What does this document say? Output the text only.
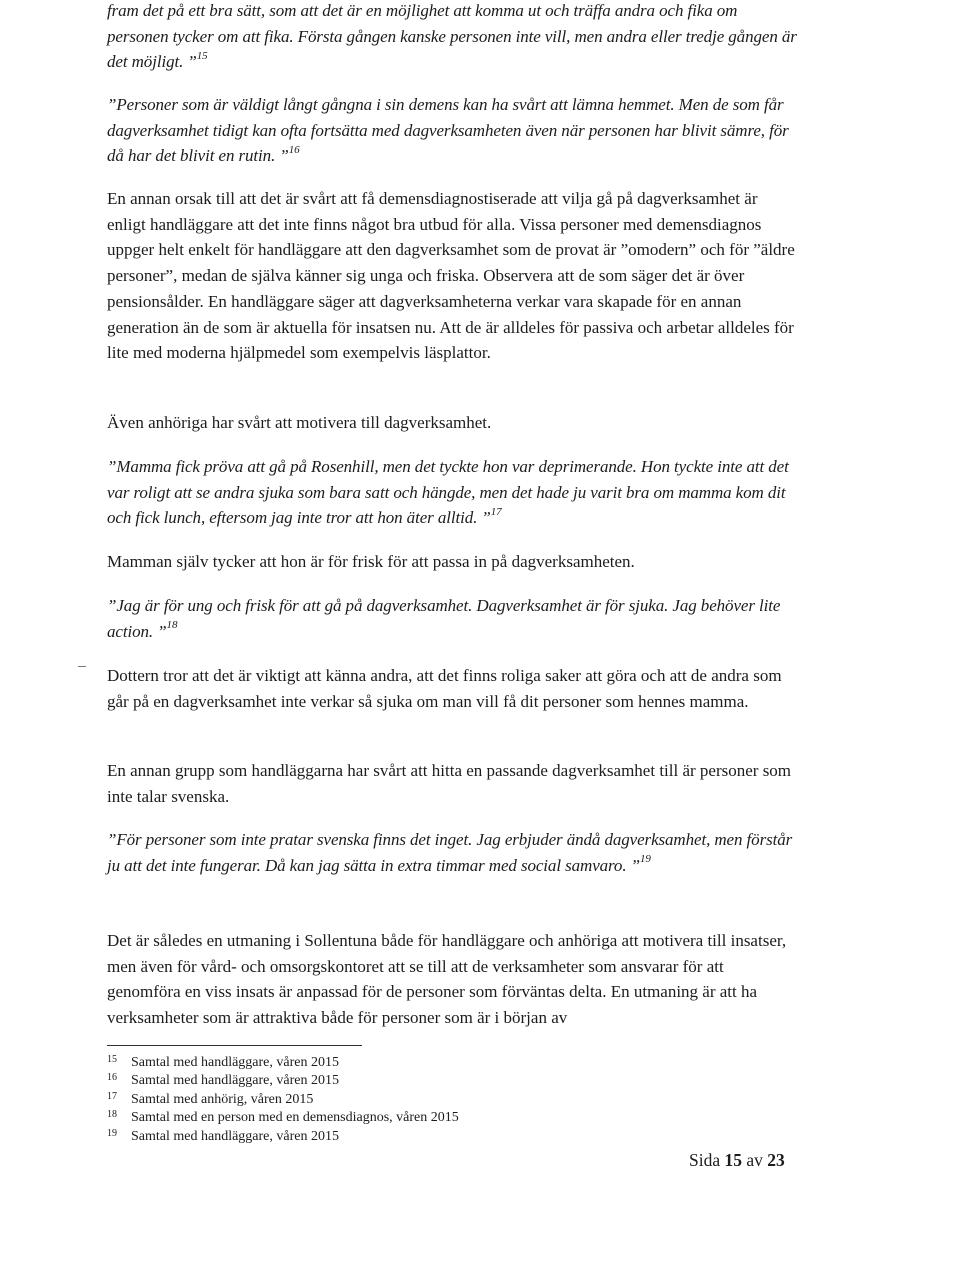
fram det på ett bra sätt, som att det är en möjlighet att komma ut och träffa andra och fika om personen tycker om att fika. Första gången kanske personen inte vill, men andra eller tredje gången är det möjligt. ”$^{15}$

”Personer som är väldigt långt gångna i sin demens kan ha svårt att lämna hemmet. Men de som får dagverksamhet tidigt kan ofta fortsätta med dagverksamheten även när personen har blivit sämre, för då har det blivit en rutin. ”$^{16}$

En annan orsak till att det är svårt att få demensdiagnostiserade att vilja gå på dagverksamhet är enligt handläggare att det inte finns något bra utbud för alla. Vissa personer med demensdiagnos uppger helt enkelt för handläggare att den dagverksamhet som de provat är ”omodern” och för ”äldre personer”, medan de själva känner sig unga och friska. Observera att de som säger det är över pensionsålder. En handläggare säger att dagverksamheterna verkar vara skapade för en annan generation än de som är aktuella för insatsen nu. Att de är alldeles för passiva och arbetar alldeles för lite med moderna hjälpmedel som exempelvis läsplattor.

Även anhöriga har svårt att motivera till dagverksamhet.

”Mamma fick pröva att gå på Rosenhill, men det tyckte hon var deprimerande. Hon tyckte inte att det var roligt att se andra sjuka som bara satt och hängde, men det hade ju varit bra om mamma kom dit och fick lunch, eftersom jag inte tror att hon äter alltid. ”$^{17}$

Mamman själv tycker att hon är för frisk för att passa in på dagverksamheten.

”Jag är för ung och frisk för att gå på dagverksamhet. Dagverksamhet är för sjuka. Jag behöver lite action. ”$^{18}$

Dottern tror att det är viktigt att känna andra, att det finns roliga saker att göra och att de andra som går på en dagverksamhet inte verkar så sjuka om man vill få dit personer som hennes mamma.

En annan grupp som handläggarna har svårt att hitta en passande dagverksamhet till är personer som inte talar svenska.

”För personer som inte pratar svenska finns det inget. Jag erbjuder ändå dagverksamhet, men förstår ju att det inte fungerar. Då kan jag sätta in extra timmar med social samvaro. ”$^{19}$

Det är således en utmaning i Sollentuna både för handläggare och anhöriga att motivera till insatser, men även för vård- och omsorgskontoret att se till att de verksamheter som ansvarar för att genomföra en viss insats är anpassad för de personer som förväntas delta. En utmaning är att ha verksamheter som är attraktiva både för personer som är i början av

15 Samtal med handläggare, våren 2015
16 Samtal med handläggare, våren 2015
17 Samtal med anhörig, våren 2015
18 Samtal med en person med en demensdiagnos, våren 2015
19 Samtal med handläggare, våren 2015
Sida 15 av 23
